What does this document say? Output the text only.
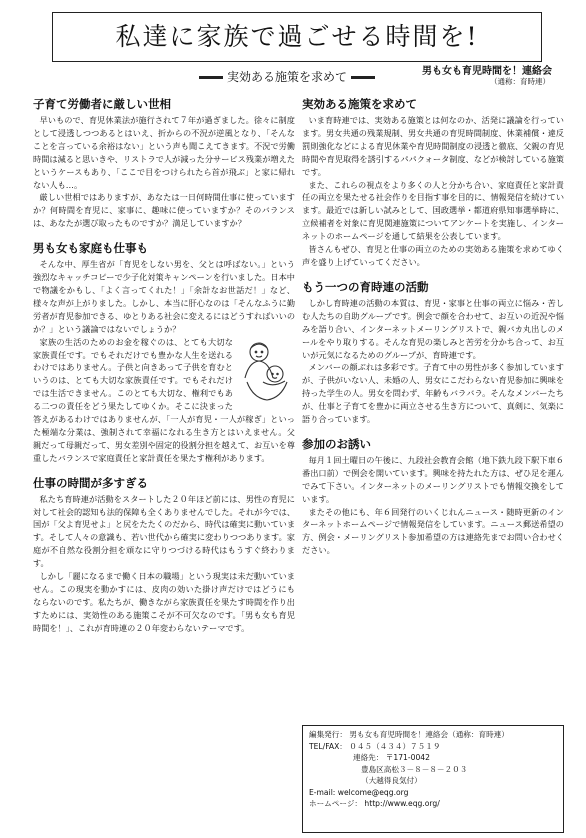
私達に家族で過ごせる時間を!
実効ある施策を求めて	男も女も育児時間を！連絡会
（通称：育時連）
子育て労働者に厳しい世相

早いもので、育児休業法が施行されて７年が過ぎました。徐々に制度として浸透しつつあるとはいえ、折からの不況が逆風となり、「そんなことを言っている余裕はない」という声も聞こえてきます。不況で労働時間は減ると思いきや、リストラで人が減った分サービス残業が増えたというケースもあり、「ここで目をつけられたら首が飛ぶ」と家に帰れない人も…。

厳しい世相ではありますが、あなたは一日何時間仕事に使っていますか？何時間を育児に、家事に、趣味に使っていますか？そのバランスは、あなたが選び取ったものですか？満足していますか？

男も女も家庭も仕事も

そんな中、厚生省が「育児をしない男を、父とは呼ばない。」という強烈なキャッチコピーで少子化対策キャンペーンを行いました。日本中で物議をかもし、「よく言ってくれた！」「余計なお世話だ！」など、様々な声が上がりました。しかし、本当に肝心なのは「そんなふうに勤労者が育児参加できる、ゆとりある社会に変えるにはどうすればいいのか？」という議論ではないでしょうか？

家族の生活のためのお金を稼ぐのは、とても大切な家族責任です。でもそれだけでも豊かな人生を送れるわけではありません。子供と向きあって子供を育むというのは、とても大切な家族責任です。でもそれだけでは生活できません。このとても大切な、権利でもある二つの責任をどう果たしてゆくか。そこに決まった答えがあるわけではありませんが、「一人が育児・一人が稼ぎ」といった極端な分業は、強制されて幸福になれる生き方とはいえません。父親だって母親だって、男女差別や固定的役割分担を越えて、お互いを尊重したバランスで家庭責任と家計責任を果たす権利があります。

仕事の時間が多すぎる

私たち育時連が活動をスタートした２０年ほど前には、男性の育児に対して社会的認知も法的保障も全くありませんでした。それが今では、国が「父よ育児せよ」と尻をたたくのだから、時代は確実に動いています。そして人々の意識も、若い世代から確実に変わりつつあります。家庭が不自然な役割分担を頑なに守りつづける時代はもうすぐ終わります。

しかし「麗になるまで働く日本の職場」という現実は未だ動いていません。この現実を動かすには、皮肉の効いた掛け声だけではどうにもならないのです。私たちが、働きながら家族責任を果たす時間を作り出すためには、実効性のある施策こそが不可欠なのです。「男も女も育児時間を！」、これが育時連の２０年変わらないテーマです。

実効ある施策を求めて

いま育時連では、実効ある施策とは何なのか、活発に議論を行っています。男女共通の残業規制、男女共通の育児時間制度、休業補償・違反罰則強化などによる育児休業や育児時間制度の浸透と徹底、父親の育児時間や育児取得を誘引するパパクォータ制度、などが検討している施策です。

また、これらの視点をより多くの人と分かち合い、家庭責任と家計責任の両立を果たせる社会作りを目指す事を目的に、情報発信を続けています。最近では新しい試みとして、国政選挙・都道府県知事選挙時に、立候補者を対象に育児関連施策についてアンケートを実施し、インターネットのホームページを通して結果を公表しています。

皆さんもぜひ、育児と仕事の両立のための実効ある施策を求めてゆく声を盛り上げていってください。

もう一つの育時連の活動

しかし育時連の活動の本質は、育児・家事と仕事の両立に悩み・苦しむ人たちの自助グループです。例会で顔を合わせて、お互いの近況や悩みを語り合い、インターネットメーリングリストで、親バカ丸出しのメールをやり取りする。そんな育児の楽しみと苦労を分かち合って、お互いが元気になるためのグループが、育時連です。

メンバーの顔ぶれは多彩です。子育て中の男性が多く参加していますが、子供がいない人、未婚の人、男女にこだわらない育児参加に興味を持った学生の人。男女を問わず、年齢もバラバラ。そんなメンバーたちが、仕事と子育てを豊かに両立させる生き方について、真剣に、気楽に語り合っています。

参加のお誘い

毎月１回土曜日の午後に、九段社会教育会館（地下鉄九段下駅下車６番出口前）で例会を開いています。興味を持たれた方は、ぜひ足を運んでみて下さい。インターネットのメーリングリストでも情報交換をしています。

またその他にも、年６回発行のいくじれんニュース・随時更新のインターネットホームページで情報発信をしています。ニュース郵送希望の方、例会・メーリングリスト参加希望の方は連絡先までお問い合わせください。

編集発行： 男も女も育児時間を！連絡会（通称：育時連）
TEL/FAX： ０４５（４３４）７５１９
連絡先： 〒171-0042
豊島区高松３－８－８－２０３
（大越得良気付）
E-mail: welcome@eqg.org
ホームページ： http://www.eqg.org/
